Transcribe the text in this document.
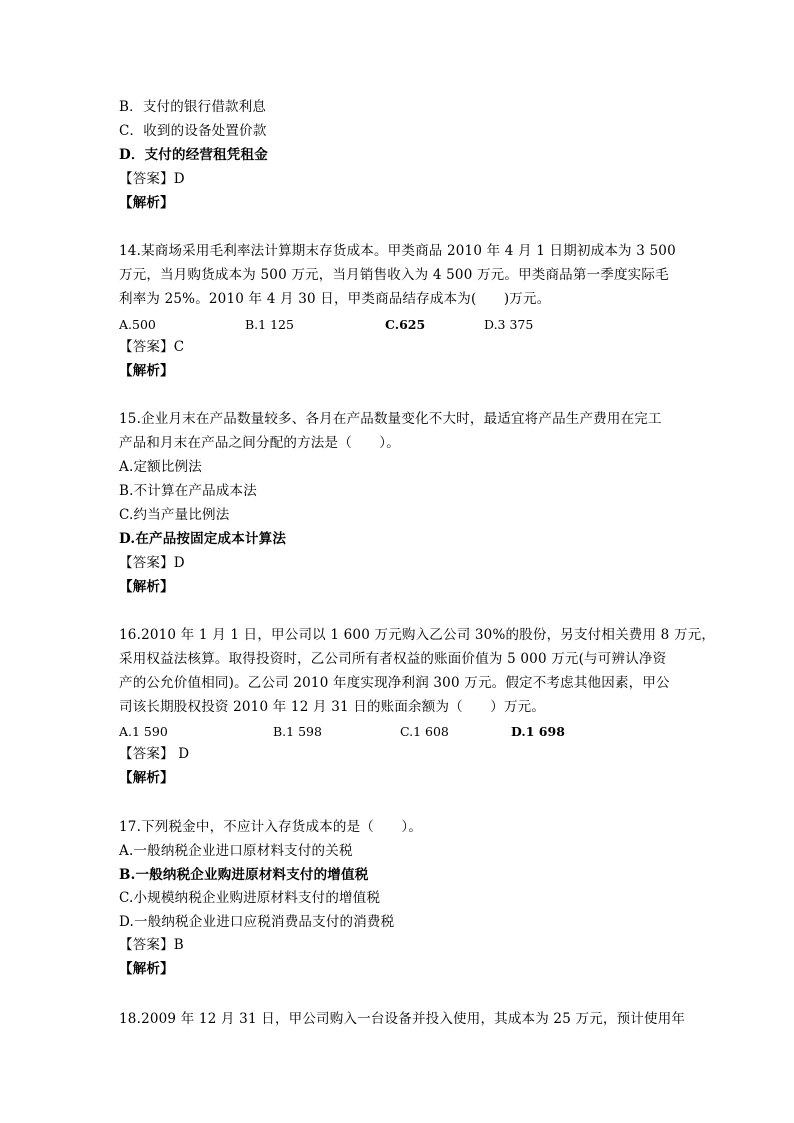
B．支付的银行借款利息
C．收到的设备处置价款
D．支付的经营租凭租金
【答案】D
【解析】
14.某商场采用毛利率法计算期末存货成本。甲类商品 2010 年 4 月 1 日期初成本为 3 500
万元，当月购货成本为 500 万元，当月销售收入为 4 500 万元。甲类商品第一季度实际毛
利率为 25%。2010 年 4 月 30 日，甲类商品结存成本为(　　)万元。
A.500	B.1 125	C.625	D.3 375
【答案】C
【解析】
15.企业月末在产品数量较多、各月在产品数量变化不大时，最适宜将产品生产费用在完工
产品和月末在产品之间分配的方法是（　　）。
A.定额比例法
B.不计算在产品成本法
C.约当产量比例法
D.在产品按固定成本计算法
【答案】D
【解析】
16.2010 年 1 月 1 日，甲公司以 1 600 万元购入乙公司 30%的股份，另支付相关费用 8 万元，
采用权益法核算。取得投资时，乙公司所有者权益的账面价值为 5 000 万元(与可辨认净资
产的公允价值相同)。乙公司 2010 年度实现净利润 300 万元。假定不考虑其他因素，甲公
司该长期股权投资 2010 年 12 月 31 日的账面余额为（　　）万元。
A.1 590	B.1 598	C.1 608	D.1 698
【答案】 D
【解析】
17.下列税金中，不应计入存货成本的是（　　）。
A.一般纳税企业进口原材料支付的关税
B.一般纳税企业购进原材料支付的增值税
C.小规模纳税企业购进原材料支付的增值税
D.一般纳税企业进口应税消费品支付的消费税
【答案】B
【解析】
18.2009 年 12 月 31 日，甲公司购入一台设备并投入使用，其成本为 25 万元，预计使用年
